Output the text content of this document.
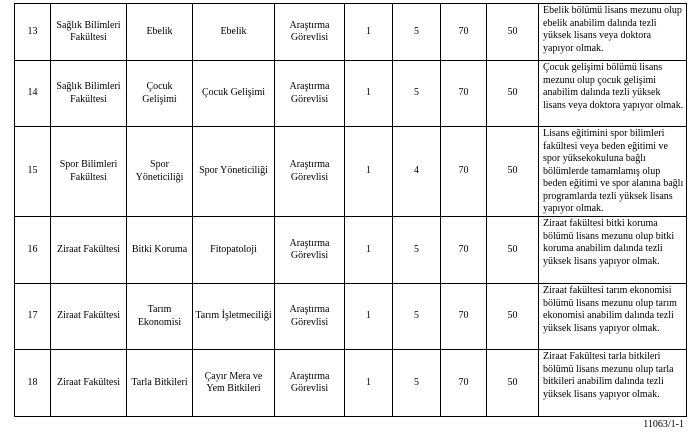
13	Sağlık Bilimleri Fakültesi	Ebelik	Ebelik	Araştırma Görevlisi	1	5	70	50	Ebelik bölümü lisans mezunu olup ebelik anabilim dalında tezli yüksek lisans veya doktora yapıyor olmak.
14	Sağlık Bilimleri Fakültesi	Çocuk Gelişimi	Çocuk Gelişimi	Araştırma Görevlisi	1	5	70	50	Çocuk gelişimi bölümü lisans mezunu olup çocuk gelişimi anabilim dalında tezli yüksek lisans veya doktora yapıyor olmak.
15	Spor Bilimleri Fakültesi	Spor Yöneticiliği	Spor Yöneticiliği	Araştırma Görevlisi	1	4	70	50	Lisans eğitimini spor bilimleri fakültesi veya beden eğitimi ve spor yüksekokuluna bağlı bölümlerde tamamlamış olup beden eğitimi ve spor alanına bağlı programlarda tezli yüksek lisans yapıyor olmak.
16	Ziraat Fakültesi	Bitki Koruma	Fitopatoloji	Araştırma Görevlisi	1	5	70	50	Ziraat fakültesi bitki koruma bölümü lisans mezunu olup bitki koruma anabilim dalında tezli yüksek lisans yapıyor olmak.
17	Ziraat Fakültesi	Tarım Ekonomisi	Tarım İşletmeciliği	Araştırma Görevlisi	1	5	70	50	Ziraat fakültesi tarım ekonomisi bölümü lisans mezunu olup tarım ekonomisi anabilim dalında tezli yüksek lisans yapıyor olmak.
18	Ziraat Fakültesi	Tarla Bitkileri	Çayır Mera ve Yem Bitkileri	Araştırma Görevlisi	1	5	70	50	Ziraat Fakültesi tarla bitkileri bölümü lisans mezunu olup tarla bitkileri anabilim dalında tezli yüksek lisans yapıyor olmak.
11063/1-1
